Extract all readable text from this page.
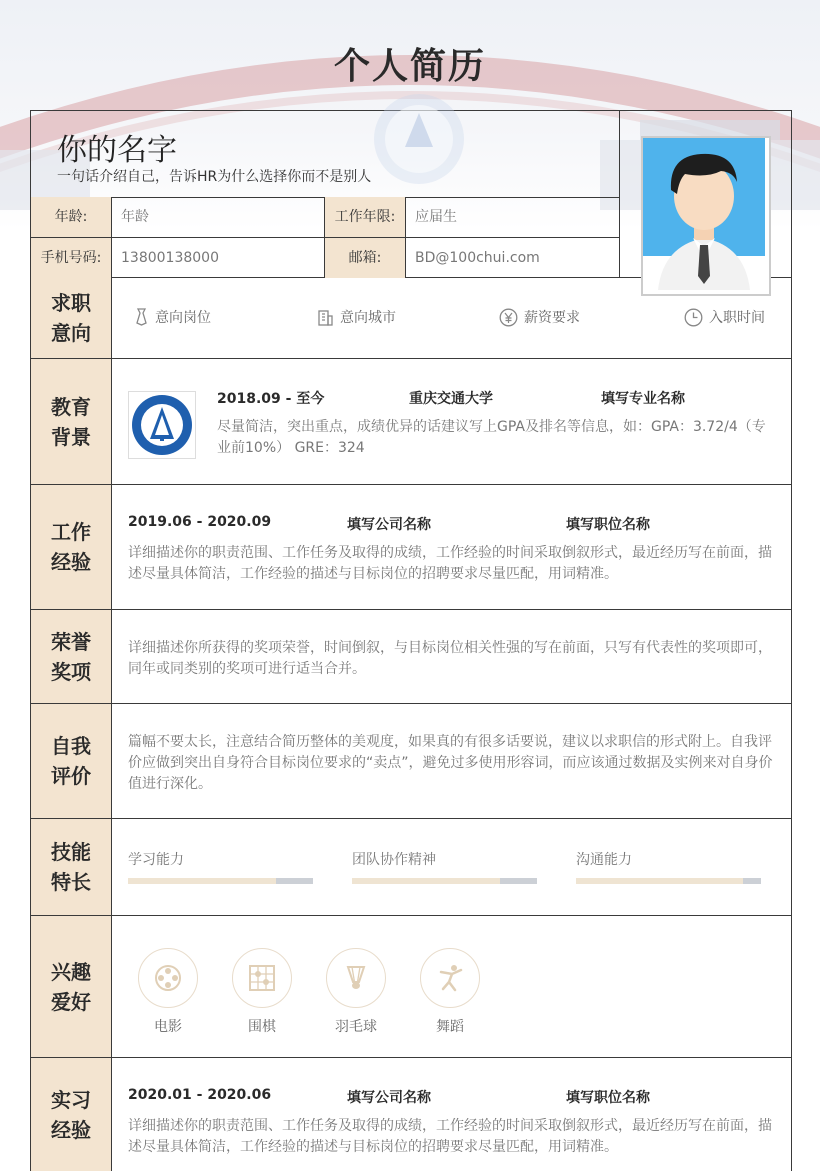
个人简历
你的名字
一句话介绍自己，告诉HR为什么选择你而不是别人
年龄:	年龄	工作年限:	应届生
手机号码:	13800138000	邮箱:	BD@100chui.com
求职意向
意向岗位	意向城市	薪资要求	入职时间
教育背景
2018.09 - 至今	重庆交通大学	填写专业名称
尽量简洁，突出重点，成绩优异的话建议写上GPA及排名等信息，如：GPA：3.72/4（专业前10%） GRE：324
工作经验
2019.06 - 2020.09	填写公司名称	填写职位名称
详细描述你的职责范围、工作任务及取得的成绩，工作经验的时间采取倒叙形式，最近经历写在前面，描述尽量具体简洁，工作经验的描述与目标岗位的招聘要求尽量匹配，用词精准。
荣誉奖项
详细描述你所获得的奖项荣誉，时间倒叙，与目标岗位相关性强的写在前面，只写有代表性的奖项即可，同年或同类别的奖项可进行适当合并。
自我评价
篇幅不要太长，注意结合简历整体的美观度，如果真的有很多话要说，建议以求职信的形式附上。自我评价应做到突出自身符合目标岗位要求的“卖点”，避免过多使用形容词，而应该通过数据及实例来对自身价值进行深化。
技能特长
学习能力	团队协作精神	沟通能力
兴趣爱好
电影	围棋	羽毛球	舞蹈
实习经验
2020.01 - 2020.06	填写公司名称	填写职位名称
详细描述你的职责范围、工作任务及取得的成绩，工作经验的时间采取倒叙形式，最近经历写在前面，描述尽量具体简洁，工作经验的描述与目标岗位的招聘要求尽量匹配，用词精准。
